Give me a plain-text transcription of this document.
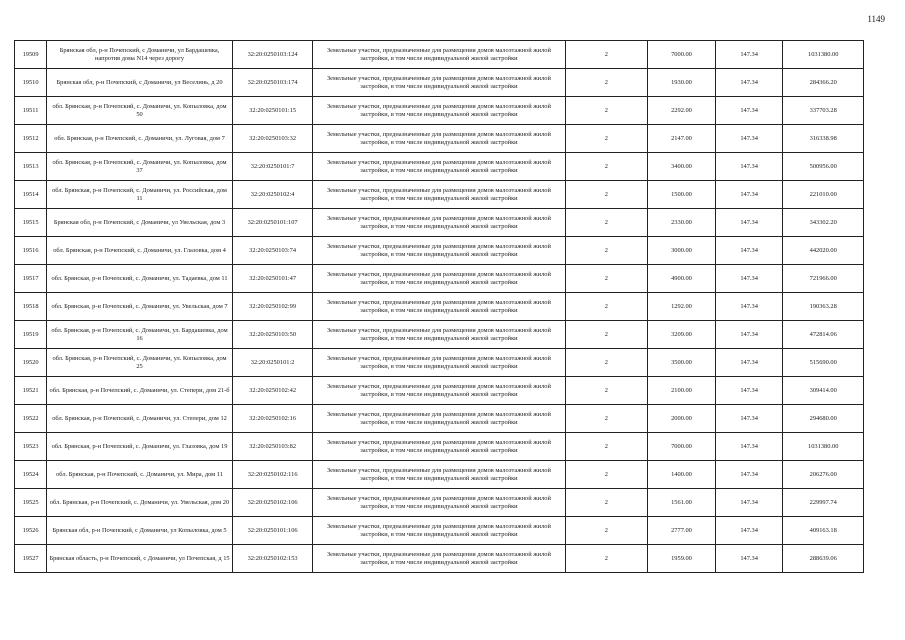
1149
19509	Брянская обл, р-н Почепский, с Доманичи, ул Бардашевка, напротив дома N14 через дорогу	32:20:0250103:124	Земельные участки, предназначенные для размещения домов малоэтажной жилой застройки, в том числе индивидуальной жилой застройки	2	7000.00	147.34	1031380.00
19510	Брянская обл, р-н Почепский, с Доманичи, ул Веселинь, д 20	32:20:0250103:174	Земельные участки, предназначенные для размещения домов малоэтажной жилой застройки, в том числе индивидуальной жилой застройки	2	1930.00	147.34	284366.20
19511	обл. Брянская, р-н Почепский, с. Доманичи, ул. Копыловка, дом 50	32:20:0250101:15	Земельные участки, предназначенные для размещения домов малоэтажной жилой застройки, в том числе индивидуальной жилой застройки	2	2292.00	147.34	337703.28
19512	обл. Брянская, р-н Почепский, с. Доманичи, ул. Луговая, дом 7	32:20:0250103:32	Земельные участки, предназначенные для размещения домов малоэтажной жилой застройки, в том числе индивидуальной жилой застройки	2	2147.00	147.34	316338.98
19513	обл. Брянская, р-н Почепский, с. Доманичи, ул. Копыловка, дом 37	32:20:0250101:7	Земельные участки, предназначенные для размещения домов малоэтажной жилой застройки, в том числе индивидуальной жилой застройки	2	3400.00	147.34	500956.00
19514	обл. Брянская, р-н Почепский, с. Доманичи, ул. Российская, дом 11	32:20:0250102:4	Земельные участки, предназначенные для размещения домов малоэтажной жилой застройки, в том числе индивидуальной жилой застройки	2	1500.00	147.34	221010.00
19515	Брянская обл, р-н Почепский, с Доманичи, ул Увельская, дом 3	32:20:0250101:107	Земельные участки, предназначенные для размещения домов малоэтажной жилой застройки, в том числе индивидуальной жилой застройки	2	2330.00	147.34	343302.20
19516	обл. Брянская, р-н Почепский, с. Доманичи, ул. Глазовка, дом 4	32:20:0250103:74	Земельные участки, предназначенные для размещения домов малоэтажной жилой застройки, в том числе индивидуальной жилой застройки	2	3000.00	147.34	442020.00
19517	обл. Брянская, р-н Почепский, с. Доманичи, ул. Тадаевка, дом 11	32:20:0250101:47	Земельные участки, предназначенные для размещения домов малоэтажной жилой застройки, в том числе индивидуальной жилой застройки	2	4900.00	147.34	721966.00
19518	обл. Брянская, р-н Почепский, с. Доманичи, ул. Увельская, дом 7	32:20:0250102:99	Земельные участки, предназначенные для размещения домов малоэтажной жилой застройки, в том числе индивидуальной жилой застройки	2	1292.00	147.34	190363.28
19519	обл. Брянская, р-н Почепский, с. Доманичи, ул. Бардашевка, дом 16	32:20:0250103:50	Земельные участки, предназначенные для размещения домов малоэтажной жилой застройки, в том числе индивидуальной жилой застройки	2	3209.00	147.34	472814.06
19520	обл. Брянская, р-н Почепский, с. Доманичи, ул. Копыловка, дом 25	32:20:0250101:2	Земельные участки, предназначенные для размещения домов малоэтажной жилой застройки, в том числе индивидуальной жилой застройки	2	3500.00	147.34	515690.00
19521	обл. Брянская, р-н Почепский, с. Доманичи, ул. Степери, дом 21-б	32:20:0250102:42	Земельные участки, предназначенные для размещения домов малоэтажной жилой застройки, в том числе индивидуальной жилой застройки	2	2100.00	147.34	309414.00
19522	обл. Брянская, р-н Почепский, с. Доманичи, ул. Степери, дом 12	32:20:0250102:16	Земельные участки, предназначенные для размещения домов малоэтажной жилой застройки, в том числе индивидуальной жилой застройки	2	2000.00	147.34	294680.00
19523	обл. Брянская, р-н Почепский, с. Доманичи, ул. Глазовка, дом 19	32:20:0250103:82	Земельные участки, предназначенные для размещения домов малоэтажной жилой застройки, в том числе индивидуальной жилой застройки	2	7000.00	147.34	1031380.00
19524	обл. Брянская, р-н Почепский, с. Доманичи, ул. Мира, дом 11	32:20:0250102:116	Земельные участки, предназначенные для размещения домов малоэтажной жилой застройки, в том числе индивидуальной жилой застройки	2	1400.00	147.34	206276.00
19525	обл. Брянская, р-н Почепский, с. Доманичи, ул. Увельская, дом 20	32:20:0250102:106	Земельные участки, предназначенные для размещения домов малоэтажной жилой застройки, в том числе индивидуальной жилой застройки	2	1561.00	147.34	229997.74
19526	Брянская обл, р-н Почепский, с Доманичи, ул Копыловка, дом 5	32:20:0250101:106	Земельные участки, предназначенные для размещения домов малоэтажной жилой застройки, в том числе индивидуальной жилой застройки	2	2777.00	147.34	409163.18
19527	Брянская область, р-н Почепский, с Доманичи, ул Почепская, д 15	32:20:0250102:153	Земельные участки, предназначенные для размещения домов малоэтажной жилой застройки, в том числе индивидуальной жилой застройки	2	1959.00	147.34	288639.06
